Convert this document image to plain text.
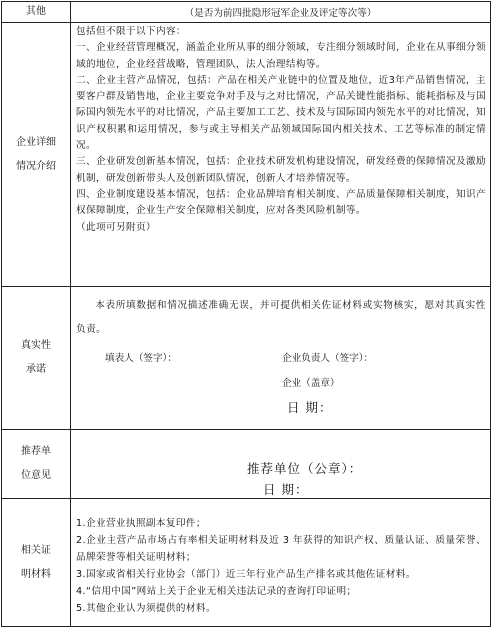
其他	（是否为前四批隐形冠军企业及评定等次等）
企业详细
情况介绍

包括但不限于以下内容：

一、企业经营管理概况，涵盖企业所从事的细分领域，专注细分领域时间，企业在从事细分领域的地位，企业经营战略，管理团队，法人治理结构等。

二、企业主营产品情况，包括：产品在相关产业链中的位置及地位，近3年产品销售情况，主要客户群及销售地，企业主要竞争对手及与之对比情况，产品关键性能指标、能耗指标及与国际国内领先水平的对比情况，产品主要加工工艺、技术及与国际国内领先水平的对比情况，知识产权积累和运用情况，参与或主导相关产品领域国际国内相关技术、工艺等标准的制定情况。

三、企业研发创新基本情况，包括：企业技术研发机构建设情况，研发经费的保障情况及激励机制，研发创新带头人及创新团队情况，创新人才培养情况等。

四、企业制度建设基本情况，包括：企业品牌培育相关制度、产品质量保障相关制度，知识产权保障制度，企业生产安全保障相关制度，应对各类风险机制等。

（此项可另附页）

真实性
承诺

本表所填数据和情况描述准确无误，并可提供相关佐证材料或实物核实，愿对其真实性负责。

填表人（签字）：	企业负责人（签字）：
企业（盖章）
日 期：
推荐单
位意见	推荐单位（公章）：
日 期：
相关证
明材料

1.企业营业执照副本复印件；

2.企业主营产品市场占有率相关证明材料及近 3 年获得的知识产权、质量认证、质量荣誉、品牌荣誉等相关证明材料；

3.国家或省相关行业协会（部门）近三年行业产品生产排名或其他佐证材料。

4.“信用中国”网站上关于企业无相关违法记录的查询打印证明；

5.其他企业认为须提供的材料。
